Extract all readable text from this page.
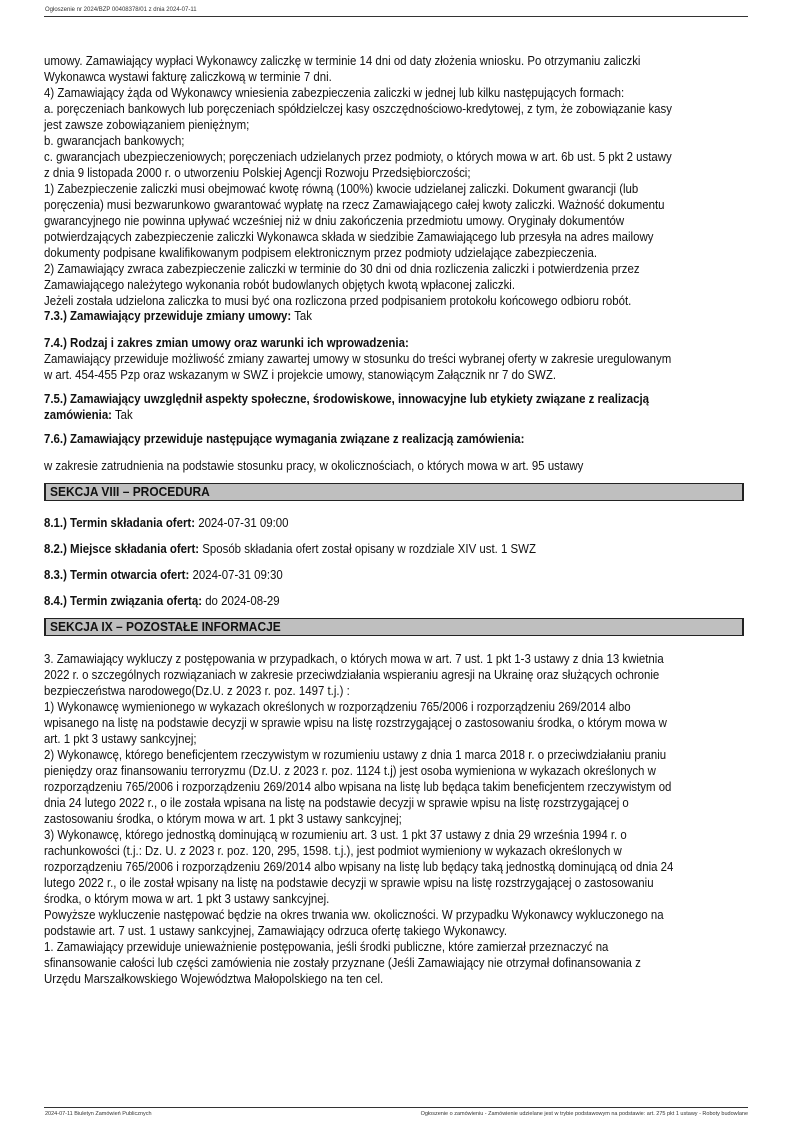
Ogłoszenie nr 2024/BZP 00408378/01 z dnia 2024-07-11
umowy. Zamawiający wypłaci Wykonawcy zaliczkę w terminie 14 dni od daty złożenia wniosku. Po otrzymaniu zaliczki
Wykonawca wystawi fakturę zaliczkową w terminie 7 dni.
4) Zamawiający żąda od Wykonawcy wniesienia zabezpieczenia zaliczki w jednej lub kilku następujących formach:
a. poręczeniach bankowych lub poręczeniach spółdzielczej kasy oszczędnościowo-kredytowej, z tym, że zobowiązanie kasy
jest zawsze zobowiązaniem pieniężnym;
b. gwarancjach bankowych;
c. gwarancjach ubezpieczeniowych; poręczeniach udzielanych przez podmioty, o których mowa w art. 6b ust. 5 pkt 2 ustawy
z dnia 9 listopada 2000 r. o utworzeniu Polskiej Agencji Rozwoju Przedsiębiorczości;
1) Zabezpieczenie zaliczki musi obejmować kwotę równą (100%) kwocie udzielanej zaliczki. Dokument gwarancji (lub
poręczenia) musi bezwarunkowo gwarantować wypłatę na rzecz Zamawiającego całej kwoty zaliczki. Ważność dokumentu
gwarancyjnego nie powinna upływać wcześniej niż w dniu zakończenia przedmiotu umowy. Oryginały dokumentów
potwierdzających zabezpieczenie zaliczki Wykonawca składa w siedzibie Zamawiającego lub przesyła na adres mailowy
dokumenty podpisane kwalifikowanym podpisem elektronicznym przez podmioty udzielające zabezpieczenia.
2) Zamawiający zwraca zabezpieczenie zaliczki w terminie do 30 dni od dnia rozliczenia zaliczki i potwierdzenia przez
Zamawiającego należytego wykonania robót budowlanych objętych kwotą wpłaconej zaliczki.
Jeżeli została udzielona zaliczka to musi być ona rozliczona przed podpisaniem protokołu końcowego odbioru robót.
7.3.) Zamawiający przewiduje zmiany umowy: Tak
7.4.) Rodzaj i zakres zmian umowy oraz warunki ich wprowadzenia:
Zamawiający przewiduje możliwość zmiany zawartej umowy w stosunku do treści wybranej oferty w zakresie uregulowanym
w art. 454-455 Pzp oraz wskazanym w SWZ i projekcie umowy, stanowiącym Załącznik nr 7 do SWZ.
7.5.) Zamawiający uwzględnił aspekty społeczne, środowiskowe, innowacyjne lub etykiety związane z realizacją
zamówienia: Tak
7.6.) Zamawiający przewiduje następujące wymagania związane z realizacją zamówienia:
w zakresie zatrudnienia na podstawie stosunku pracy, w okolicznościach, o których mowa w art. 95 ustawy
SEKCJA VIII – PROCEDURA
8.1.) Termin składania ofert: 2024-07-31 09:00
8.2.) Miejsce składania ofert: Sposób składania ofert został opisany w rozdziale XIV ust. 1 SWZ
8.3.) Termin otwarcia ofert: 2024-07-31 09:30
8.4.) Termin związania ofertą: do 2024-08-29
SEKCJA IX – POZOSTAŁE INFORMACJE
3. Zamawiający wykluczy z postępowania w przypadkach, o których mowa w art. 7 ust. 1 pkt 1-3 ustawy z dnia 13 kwietnia
2022 r. o szczególnych rozwiązaniach w zakresie przeciwdziałania wspieraniu agresji na Ukrainę oraz służących ochronie
bezpieczeństwa narodowego(Dz.U. z 2023 r. poz. 1497 t.j.) :
1) Wykonawcę wymienionego w wykazach określonych w rozporządzeniu 765/2006 i rozporządzeniu 269/2014 albo
wpisanego na listę na podstawie decyzji w sprawie wpisu na listę rozstrzygającej o zastosowaniu środka, o którym mowa w
art. 1 pkt 3 ustawy sankcyjnej;
2) Wykonawcę, którego beneficjentem rzeczywistym w rozumieniu ustawy z dnia 1 marca 2018 r. o przeciwdziałaniu praniu
pieniędzy oraz finansowaniu terroryzmu (Dz.U. z 2023 r. poz. 1124 t.j) jest osoba wymieniona w wykazach określonych w
rozporządzeniu 765/2006 i rozporządzeniu 269/2014 albo wpisana na listę lub będąca takim beneficjentem rzeczywistym od
dnia 24 lutego 2022 r., o ile została wpisana na listę na podstawie decyzji w sprawie wpisu na listę rozstrzygającej o
zastosowaniu środka, o którym mowa w art. 1 pkt 3 ustawy sankcyjnej;
3) Wykonawcę, którego jednostką dominującą w rozumieniu art. 3 ust. 1 pkt 37 ustawy z dnia 29 września 1994 r. o
rachunkowości (t.j.: Dz. U. z 2023 r. poz. 120, 295, 1598. t.j.), jest podmiot wymieniony w wykazach określonych w
rozporządzeniu 765/2006 i rozporządzeniu 269/2014 albo wpisany na listę lub będący taką jednostką dominującą od dnia 24
lutego 2022 r., o ile został wpisany na listę na podstawie decyzji w sprawie wpisu na listę rozstrzygającej o zastosowaniu
środka, o którym mowa w art. 1 pkt 3 ustawy sankcyjnej.
Powyższe wykluczenie następować będzie na okres trwania ww. okoliczności. W przypadku Wykonawcy wykluczonego na
podstawie art. 7 ust. 1 ustawy sankcyjnej, Zamawiający odrzuca ofertę takiego Wykonawcy.
1. Zamawiający przewiduje unieważnienie postępowania, jeśli środki publiczne, które zamierzał przeznaczyć na
sfinansowanie całości lub części zamówienia nie zostały przyznane (Jeśli Zamawiający nie otrzymał dofinansowania z
Urzędu Marszałkowskiego Województwa Małopolskiego na ten cel.
2024-07-11 Biuletyn Zamówień Publicznych	Ogłoszenie o zamówieniu - Zamówienie udzielane jest w trybie podstawowym na podstawie: art. 275 pkt 1 ustawy - Roboty budowlane
